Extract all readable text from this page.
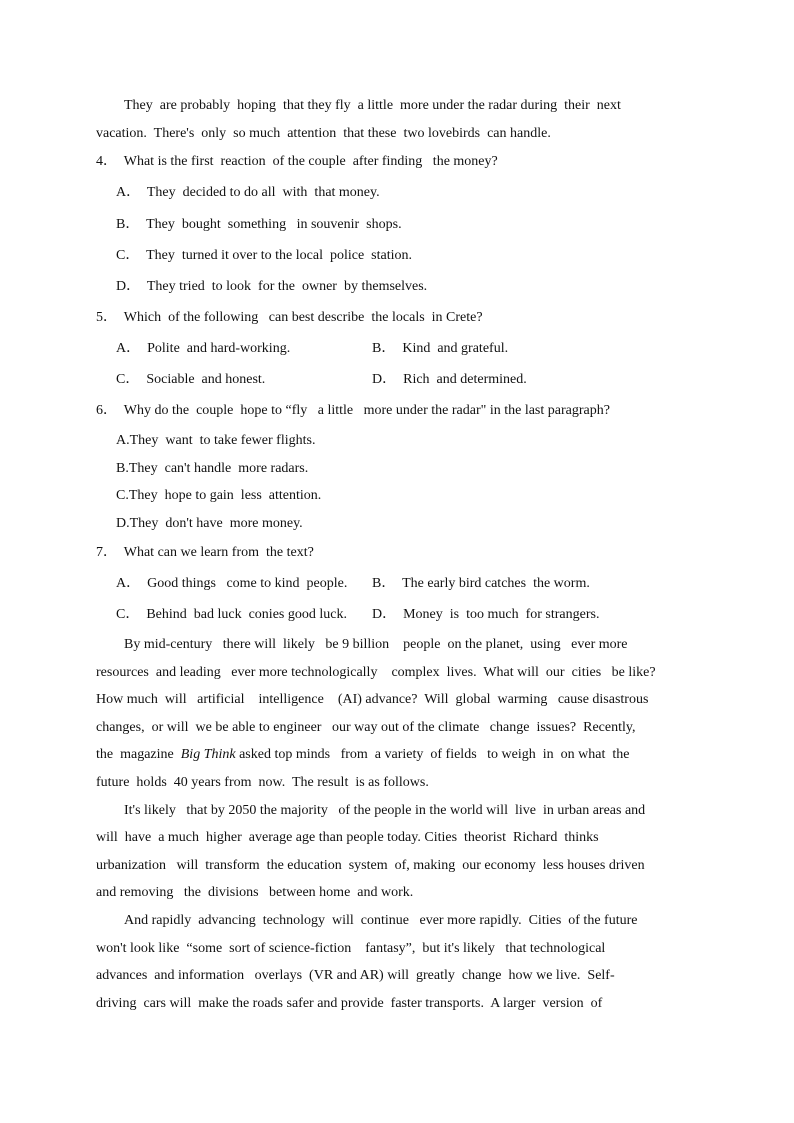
They  are probably  hoping  that they fly  a little  more under the radar during  their  next
vacation.  There's  only  so much  attention  that these  two lovebirds  can handle.
4．  What is the first  reaction  of the couple  after finding   the money?
A．  They  decided to do all  with  that money.
B．  They  bought  something   in souvenir  shops.
C．  They  turned it over to the local  police  station.
D．  They tried  to look  for the  owner  by themselves.
5．  Which  of the following   can best describe  the locals  in Crete?
A．  Polite  and hard-working.	B．  Kind  and grateful.
C．  Sociable  and honest.	D．  Rich  and determined.
6．  Why do the  couple  hope to “fly   a little   more under the radar" in the last paragraph?
A.They  want  to take fewer flights.
B.They  can't handle  more radars.
C.They  hope to gain  less  attention.
D.They  don't have  more money.
7．  What can we learn from  the text?
A．  Good things   come to kind  people. B．  The early bird catches  the worm.
C．  Behind  bad luck  conies good luck. D．  Money  is  too much  for strangers.
By mid-century   there will  likely   be 9 billion    people  on the planet,  using   ever more
resources  and leading   ever more technologically    complex  lives.  What will  our  cities   be like?
How much  will   artificial    intelligence    (AI) advance?  Will  global  warming   cause disastrous
changes,  or will  we be able to engineer   our way out of the climate   change  issues?  Recently,
the  magazine  Big Think asked top minds   from  a variety  of fields   to weigh  in  on what  the
future  holds  40 years from  now.  The result  is as follows.
It's likely   that by 2050 the majority   of the people in the world will  live  in urban areas and
will  have  a much  higher  average age than people today. Cities  theorist  Richard  thinks
urbanization   will  transform  the education  system  of, making  our economy  less houses driven
and removing   the  divisions   between home  and work.
And rapidly  advancing  technology  will  continue   ever more rapidly.  Cities  of the future
won't look like  “some  sort of science-fiction    fantasy”,  but it's likely   that technological
advances  and information   overlays  (VR and AR) will  greatly  change  how we live.  Self-
driving  cars will  make the roads safer and provide  faster transports.  A larger  version  of
